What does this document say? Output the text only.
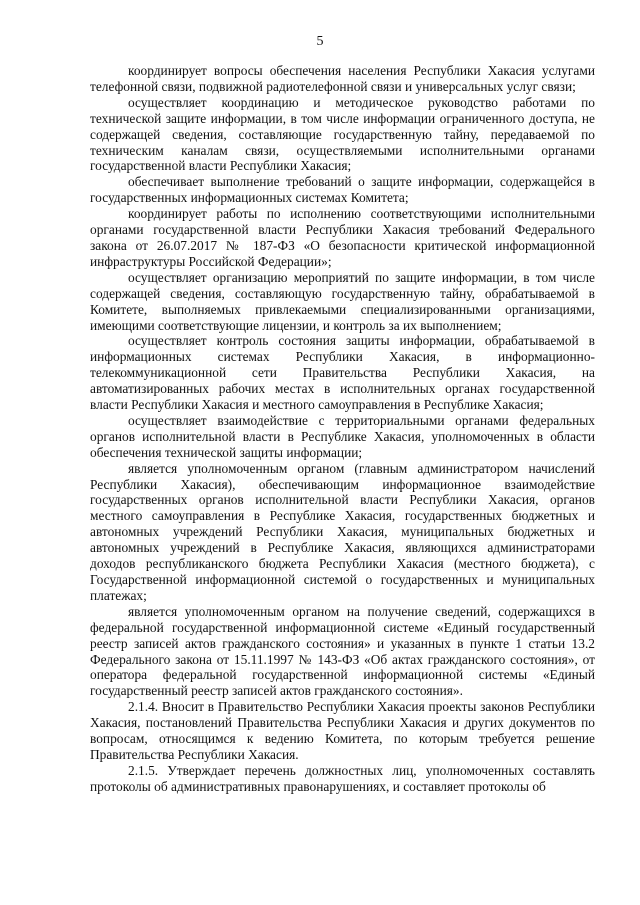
5

координирует вопросы обеспечения населения Республики Хакасия услугами телефонной связи, подвижной радиотелефонной связи и универсальных услуг связи;

осуществляет координацию и методическое руководство работами по технической защите информации, в том числе информации ограниченного доступа, не содержащей сведения, составляющие государственную тайну, передаваемой по техническим каналам связи, осуществляемыми исполнительными органами государственной власти Республики Хакасия;

обеспечивает выполнение требований о защите информации, содержащейся в государственных информационных системах Комитета;

координирует работы по исполнению соответствующими исполнительными органами государственной власти Республики Хакасия требований Федерального закона от 26.07.2017 № 187-ФЗ «О безопасности критической информационной инфраструктуры Российской Федерации»;

осуществляет организацию мероприятий по защите информации, в том числе содержащей сведения, составляющую государственную тайну, обрабатываемой в Комитете, выполняемых привлекаемыми специализированными организациями, имеющими соответствующие лицензии, и контроль за их выполнением;

осуществляет контроль состояния защиты информации, обрабатываемой в информационных системах Республики Хакасия, в информационно-телекоммуникационной сети Правительства Республики Хакасия, на автоматизированных рабочих местах в исполнительных органах государственной власти Республики Хакасия и местного самоуправления в Республике Хакасия;

осуществляет взаимодействие с территориальными органами федеральных органов исполнительной власти в Республике Хакасия, уполномоченных в области обеспечения технической защиты информации;

является уполномоченным органом (главным администратором начислений Республики Хакасия), обеспечивающим информационное взаимодействие государственных органов исполнительной власти Республики Хакасия, органов местного самоуправления в Республике Хакасия, государственных бюджетных и автономных учреждений Республики Хакасия, муниципальных бюджетных и автономных учреждений в Республике Хакасия, являющихся администраторами доходов республиканского бюджета Республики Хакасия (местного бюджета), с Государственной информационной системой о государственных и муниципальных платежах;

является уполномоченным органом на получение сведений, содержащихся в федеральной государственной информационной системе «Единый государственный реестр записей актов гражданского состояния» и указанных в пункте 1 статьи 13.2 Федерального закона от 15.11.1997 № 143-ФЗ «Об актах гражданского состояния», от оператора федеральной государственной информационной системы «Единый государственный реестр записей актов гражданского состояния».

2.1.4. Вносит в Правительство Республики Хакасия проекты законов Республики Хакасия, постановлений Правительства Республики Хакасия и других документов по вопросам, относящимся к ведению Комитета, по которым требуется решение Правительства Республики Хакасия.

2.1.5. Утверждает перечень должностных лиц, уполномоченных составлять протоколы об административных правонарушениях, и составляет протоколы об
